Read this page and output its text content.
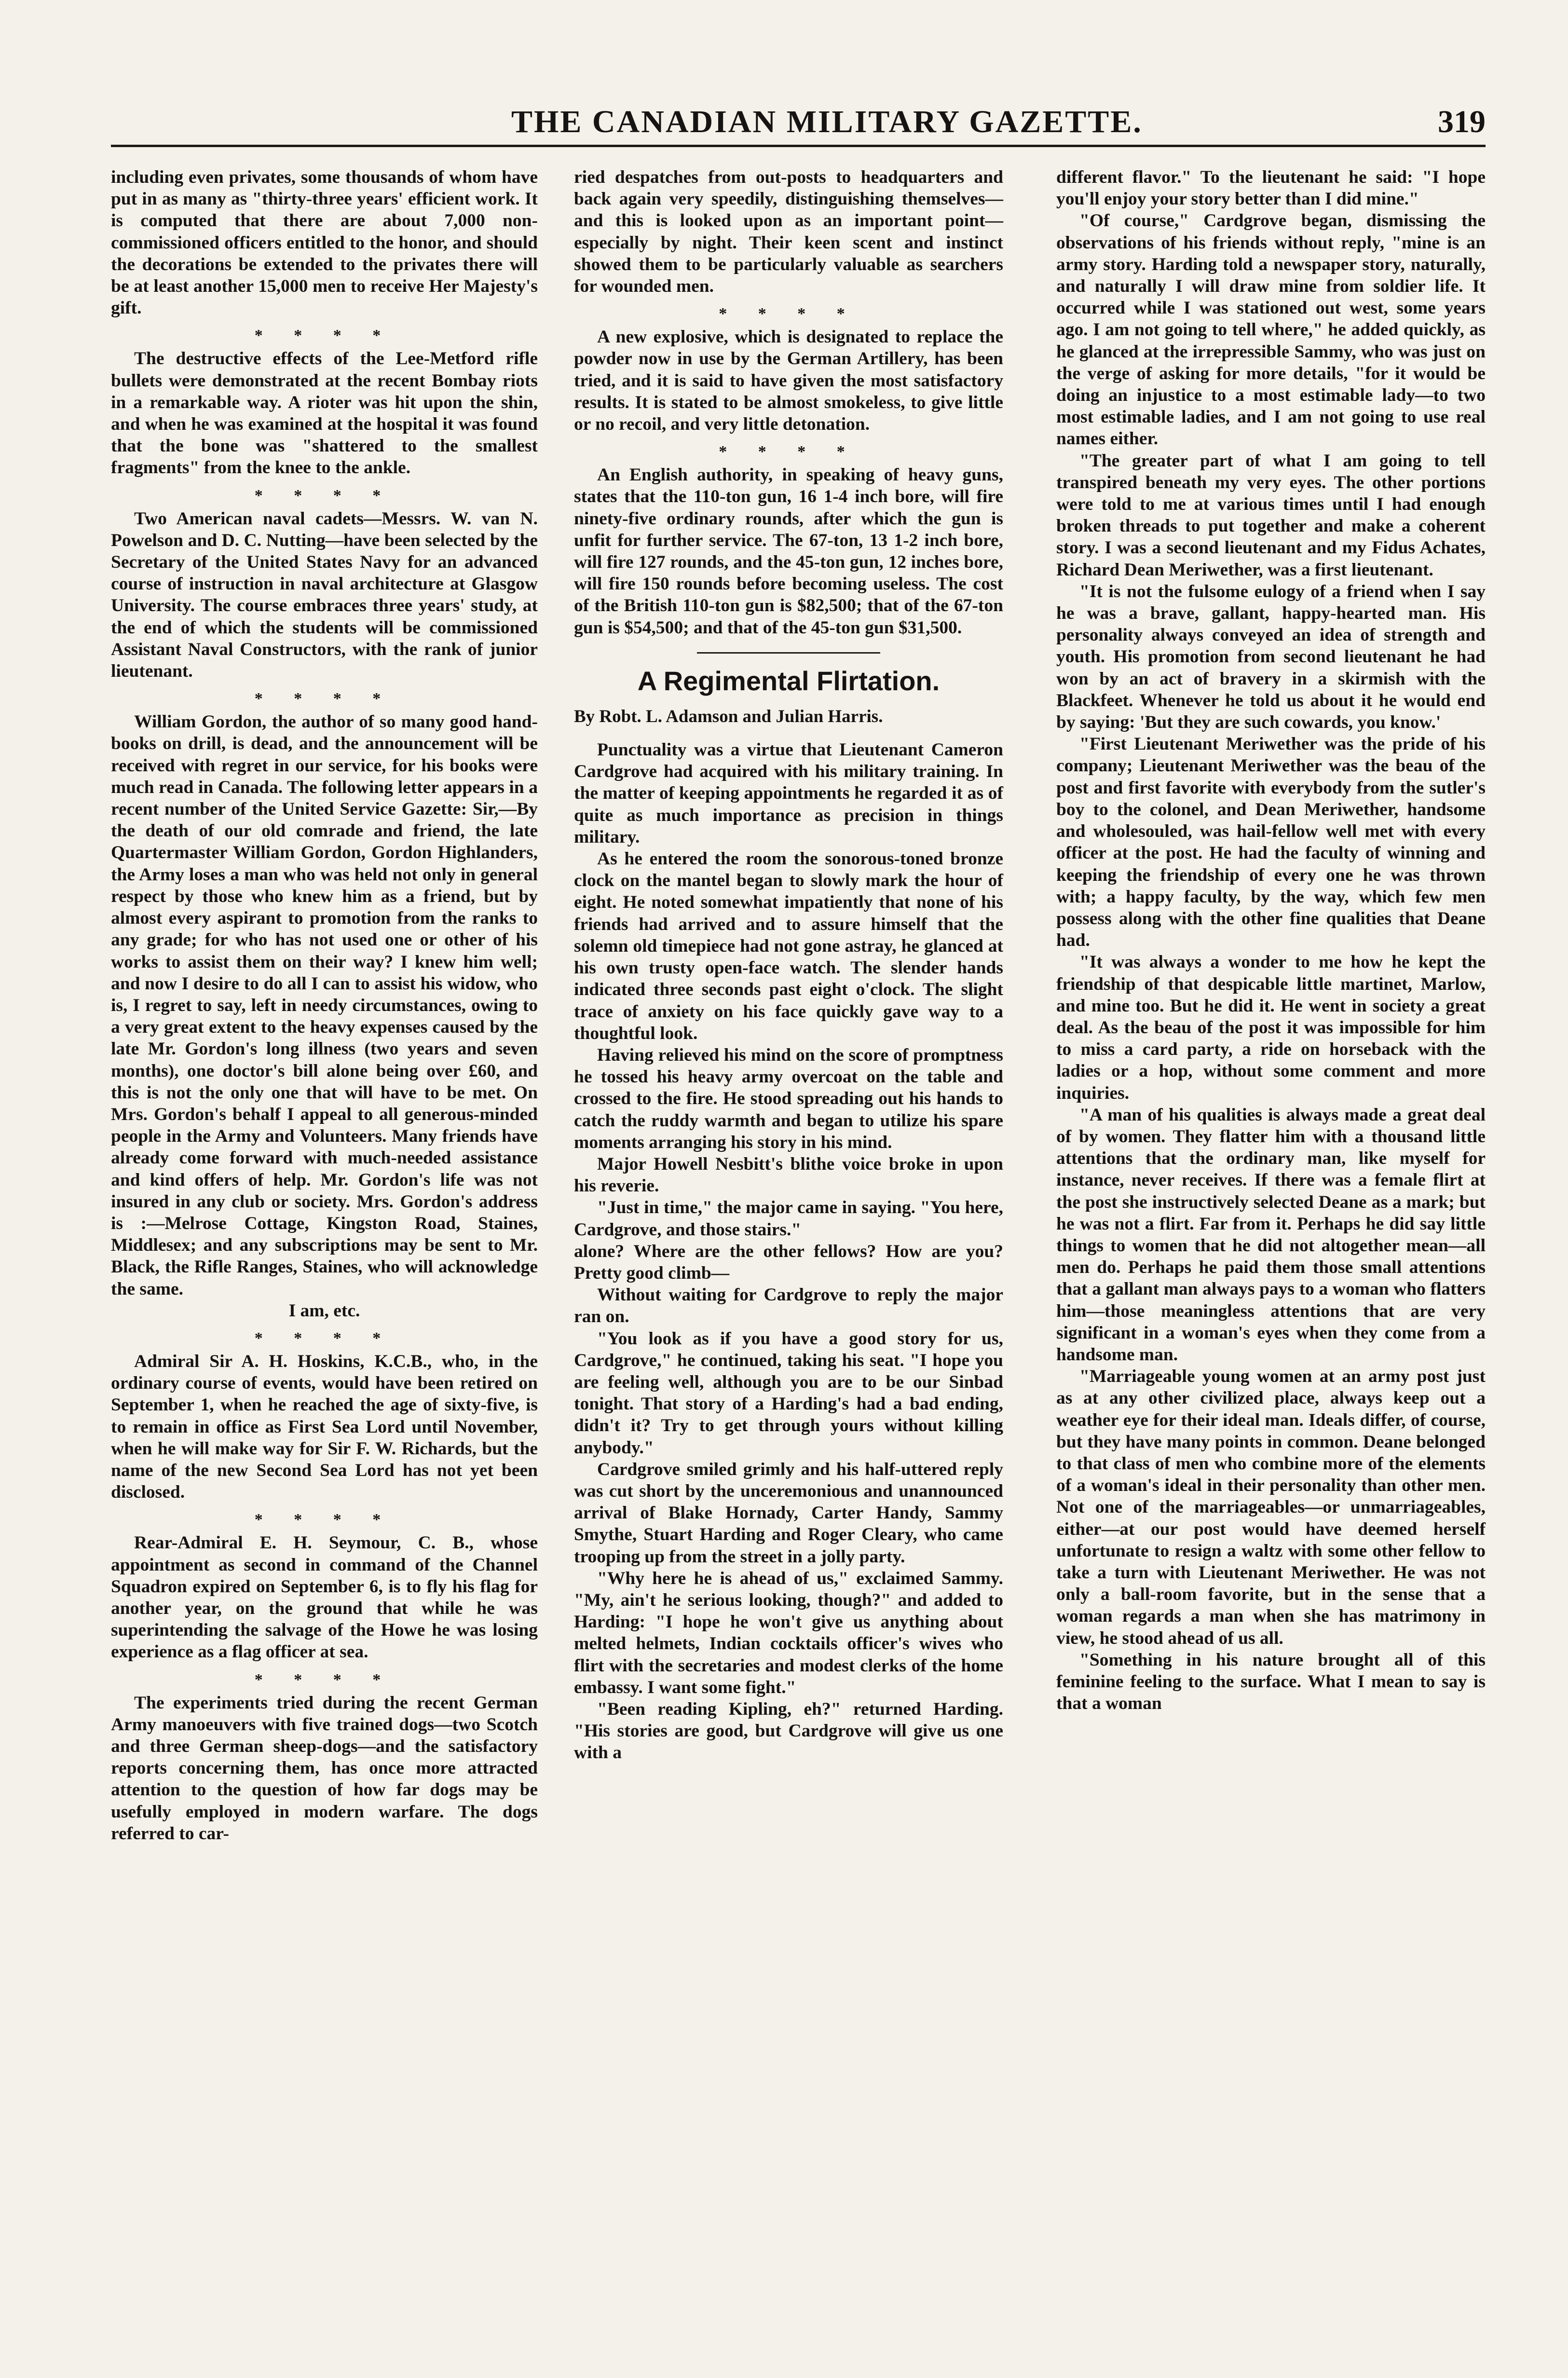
THE CANADIAN MILITARY GAZETTE.	319

including even privates, some thousands of whom have put in as many as "thirty-three years' efficient work. It is computed that there are about 7,000 non-commissioned officers entitled to the honor, and should the decorations be extended to the privates there will be at least another 15,000 men to receive Her Majesty's gift.

* * * *

The destructive effects of the Lee-Metford rifle bullets were demonstrated at the recent Bombay riots in a remarkable way. A rioter was hit upon the shin, and when he was examined at the hospital it was found that the bone was "shattered to the smallest fragments" from the knee to the ankle.

* * * *

Two American naval cadets—Messrs. W. van N. Powelson and D. C. Nutting—have been selected by the Secretary of the United States Navy for an advanced course of instruction in naval architecture at Glasgow University. The course embraces three years' study, at the end of which the students will be commissioned Assistant Naval Constructors, with the rank of junior lieutenant.

* * * *

William Gordon, the author of so many good hand-books on drill, is dead, and the announcement will be received with regret in our service, for his books were much read in Canada. The following letter appears in a recent number of the United Service Gazette: Sir,—By the death of our old comrade and friend, the late Quartermaster William Gordon, Gordon Highlanders, the Army loses a man who was held not only in general respect by those who knew him as a friend, but by almost every aspirant to promotion from the ranks to any grade; for who has not used one or other of his works to assist them on their way? I knew him well; and now I desire to do all I can to assist his widow, who is, I regret to say, left in needy circumstances, owing to a very great extent to the heavy expenses caused by the late Mr. Gordon's long illness (two years and seven months), one doctor's bill alone being over £60, and this is not the only one that will have to be met. On Mrs. Gordon's behalf I appeal to all generous-minded people in the Army and Volunteers. Many friends have already come forward with much-needed assistance and kind offers of help. Mr. Gordon's life was not insured in any club or society. Mrs. Gordon's address is :—Melrose Cottage, Kingston Road, Staines, Middlesex; and any subscriptions may be sent to Mr. Black, the Rifle Ranges, Staines, who will acknowledge the same.

I am, etc.

* * * *

Admiral Sir A. H. Hoskins, K.C.B., who, in the ordinary course of events, would have been retired on September 1, when he reached the age of sixty-five, is to remain in office as First Sea Lord until November, when he will make way for Sir F. W. Richards, but the name of the new Second Sea Lord has not yet been disclosed.

* * * *

Rear-Admiral E. H. Seymour, C. B., whose appointment as second in command of the Channel Squadron expired on September 6, is to fly his flag for another year, on the ground that while he was superintending the salvage of the Howe he was losing experience as a flag officer at sea.

* * * *

The experiments tried during the recent German Army manoeuvers with five trained dogs—two Scotch and three German sheep-dogs—and the satisfactory reports concerning them, has once more attracted attention to the question of how far dogs may be usefully employed in modern warfare. The dogs referred to car-

ried despatches from out-posts to headquarters and back again very speedily, distinguishing themselves—and this is looked upon as an important point—especially by night. Their keen scent and instinct showed them to be particularly valuable as searchers for wounded men.

* * * *

A new explosive, which is designated to replace the powder now in use by the German Artillery, has been tried, and it is said to have given the most satisfactory results. It is stated to be almost smokeless, to give little or no recoil, and very little detonation.

* * * *

An English authority, in speaking of heavy guns, states that the 110-ton gun, 16 1-4 inch bore, will fire ninety-five ordinary rounds, after which the gun is unfit for further service. The 67-ton, 13 1-2 inch bore, will fire 127 rounds, and the 45-ton gun, 12 inches bore, will fire 150 rounds before becoming useless. The cost of the British 110-ton gun is $82,500; that of the 67-ton gun is $54,500; and that of the 45-ton gun $31,500.

A Regimental Flirtation.

By Robt. L. Adamson and Julian Harris.

Punctuality was a virtue that Lieutenant Cameron Cardgrove had acquired with his military training. In the matter of keeping appointments he regarded it as of quite as much importance as precision in things military.

As he entered the room the sonorous-toned bronze clock on the mantel began to slowly mark the hour of eight. He noted somewhat impatiently that none of his friends had arrived and to assure himself that the solemn old timepiece had not gone astray, he glanced at his own trusty open-face watch. The slender hands indicated three seconds past eight o'clock. The slight trace of anxiety on his face quickly gave way to a thoughtful look.

Having relieved his mind on the score of promptness he tossed his heavy army overcoat on the table and crossed to the fire. He stood spreading out his hands to catch the ruddy warmth and began to utilize his spare moments arranging his story in his mind.

Major Howell Nesbitt's blithe voice broke in upon his reverie.

"Just in time," the major came in saying. "You here, Cardgrove, and those stairs."

alone? Where are the other fellows? How are you? Pretty good climb—

Without waiting for Cardgrove to reply the major ran on.

"You look as if you have a good story for us, Cardgrove," he continued, taking his seat. "I hope you are feeling well, although you are to be our Sinbad tonight. That story of a Harding's had a bad ending, didn't it? Try to get through yours without killing anybody."

Cardgrove smiled grimly and his half-uttered reply was cut short by the unceremonious and unannounced arrival of Blake Hornady, Carter Handy, Sammy Smythe, Stuart Harding and Roger Cleary, who came trooping up from the street in a jolly party.

"Why here he is ahead of us," exclaimed Sammy. "My, ain't he serious looking, though?" and added to Harding: "I hope he won't give us anything about melted helmets, Indian cocktails officer's wives who flirt with the secretaries and modest clerks of the home embassy. I want some fight."

"Been reading Kipling, eh?" returned Harding. "His stories are good, but Cardgrove will give us one with a

different flavor." To the lieutenant he said: "I hope you'll enjoy your story better than I did mine."

"Of course," Cardgrove began, dismissing the observations of his friends without reply, "mine is an army story. Harding told a newspaper story, naturally, and naturally I will draw mine from soldier life. It occurred while I was stationed out west, some years ago. I am not going to tell where," he added quickly, as he glanced at the irrepressible Sammy, who was just on the verge of asking for more details, "for it would be doing an injustice to a most estimable lady—to two most estimable ladies, and I am not going to use real names either.

"The greater part of what I am going to tell transpired beneath my very eyes. The other portions were told to me at various times until I had enough broken threads to put together and make a coherent story. I was a second lieutenant and my Fidus Achates, Richard Dean Meriwether, was a first lieutenant.

"It is not the fulsome eulogy of a friend when I say he was a brave, gallant, happy-hearted man. His personality always conveyed an idea of strength and youth. His promotion from second lieutenant he had won by an act of bravery in a skirmish with the Blackfeet. Whenever he told us about it he would end by saying: 'But they are such cowards, you know.'

"First Lieutenant Meriwether was the pride of his company; Lieutenant Meriwether was the beau of the post and first favorite with everybody from the sutler's boy to the colonel, and Dean Meriwether, handsome and wholesouled, was hail-fellow well met with every officer at the post. He had the faculty of winning and keeping the friendship of every one he was thrown with; a happy faculty, by the way, which few men possess along with the other fine qualities that Deane had.

"It was always a wonder to me how he kept the friendship of that despicable little martinet, Marlow, and mine too. But he did it. He went in society a great deal. As the beau of the post it was impossible for him to miss a card party, a ride on horseback with the ladies or a hop, without some comment and more inquiries.

"A man of his qualities is always made a great deal of by women. They flatter him with a thousand little attentions that the ordinary man, like myself for instance, never receives. If there was a female flirt at the post she instructively selected Deane as a mark; but he was not a flirt. Far from it. Perhaps he did say little things to women that he did not altogether mean—all men do. Perhaps he paid them those small attentions that a gallant man always pays to a woman who flatters him—those meaningless attentions that are very significant in a woman's eyes when they come from a handsome man.

"Marriageable young women at an army post just as at any other civilized place, always keep out a weather eye for their ideal man. Ideals differ, of course, but they have many points in common. Deane belonged to that class of men who combine more of the elements of a woman's ideal in their personality than other men. Not one of the marriageables—or unmarriageables, either—at our post would have deemed herself unfortunate to resign a waltz with some other fellow to take a turn with Lieutenant Meriwether. He was not only a ball-room favorite, but in the sense that a woman regards a man when she has matrimony in view, he stood ahead of us all.

"Something in his nature brought all of this feminine feeling to the surface. What I mean to say is that a woman
